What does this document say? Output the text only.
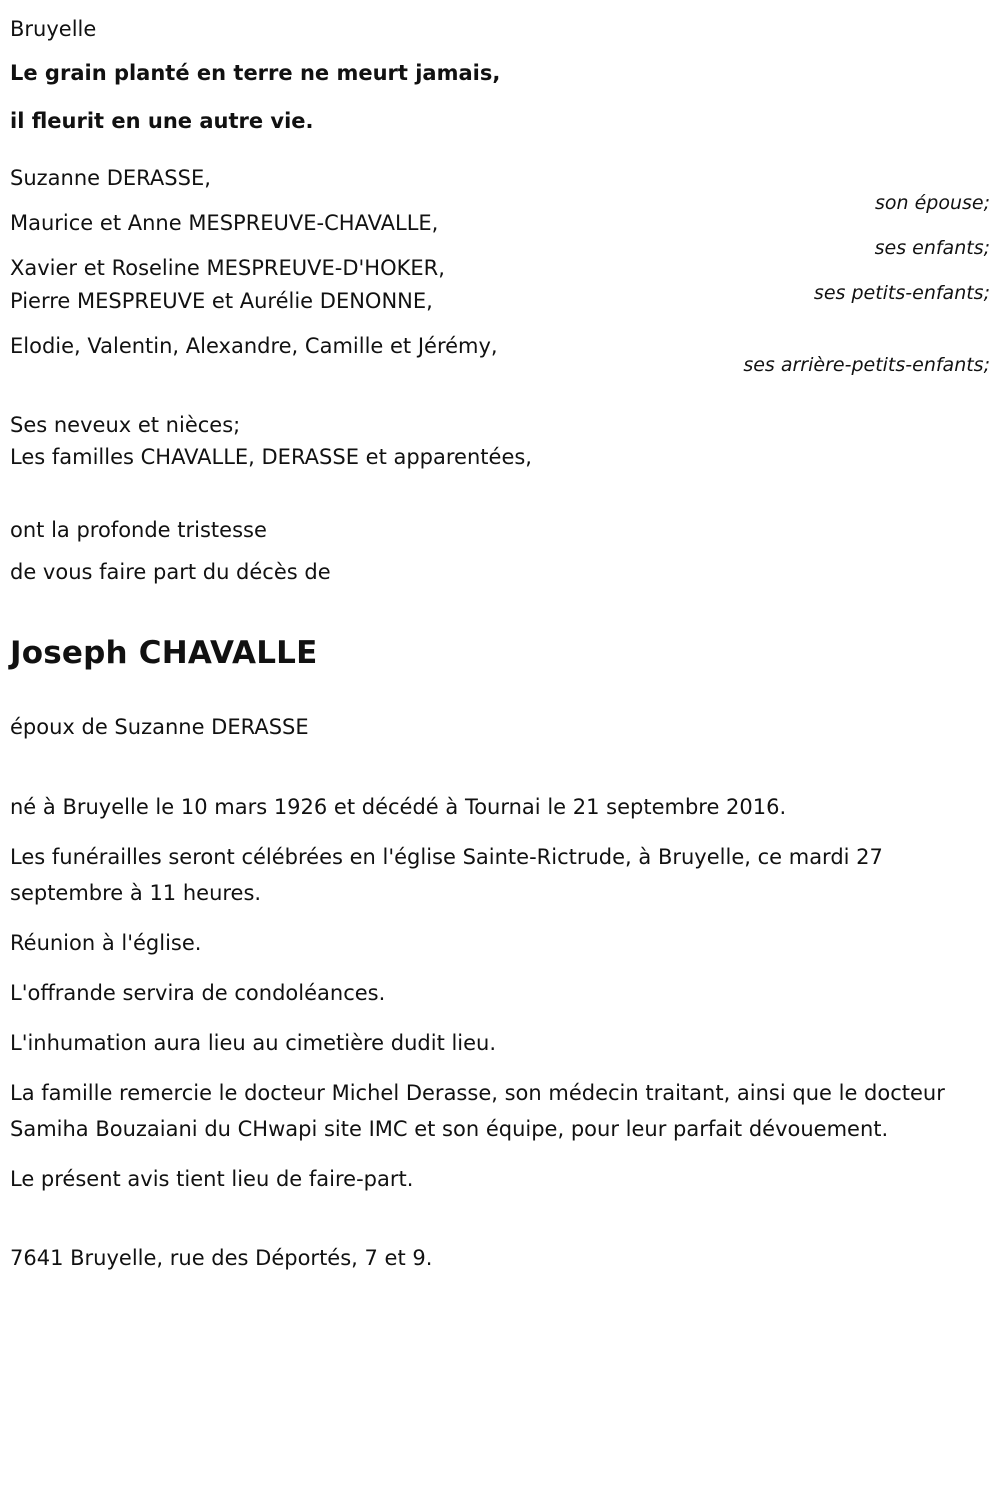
Bruyelle
Le grain planté en terre ne meurt jamais,
il fleurit en une autre vie.
Suzanne DERASSE,
son épouse;
Maurice et Anne MESPREUVE-CHAVALLE,
ses enfants;
Xavier et Roseline MESPREUVE-D'HOKER,
Pierre MESPREUVE et Aurélie DENONNE,	ses petits-enfants;
Elodie, Valentin, Alexandre, Camille et Jérémy,
ses arrière-petits-enfants;
Ses neveux et nièces;
Les familles CHAVALLE, DERASSE et apparentées,

ont la profonde tristesse

de vous faire part du décès de

Joseph CHAVALLE
époux de Suzanne DERASSE

né à Bruyelle le 10 mars 1926 et décédé à Tournai le 21 septembre 2016.

Les funérailles seront célébrées en l'église Sainte-Rictrude, à Bruyelle, ce mardi 27 septembre à 11 heures.

Réunion à l'église.

L'offrande servira de condoléances.

L'inhumation aura lieu au cimetière dudit lieu.

La famille remercie le docteur Michel Derasse, son médecin traitant, ainsi que le docteur Samiha Bouzaiani du CHwapi site IMC et son équipe, pour leur parfait dévouement.

Le présent avis tient lieu de faire-part.

7641 Bruyelle, rue des Déportés, 7 et 9.
